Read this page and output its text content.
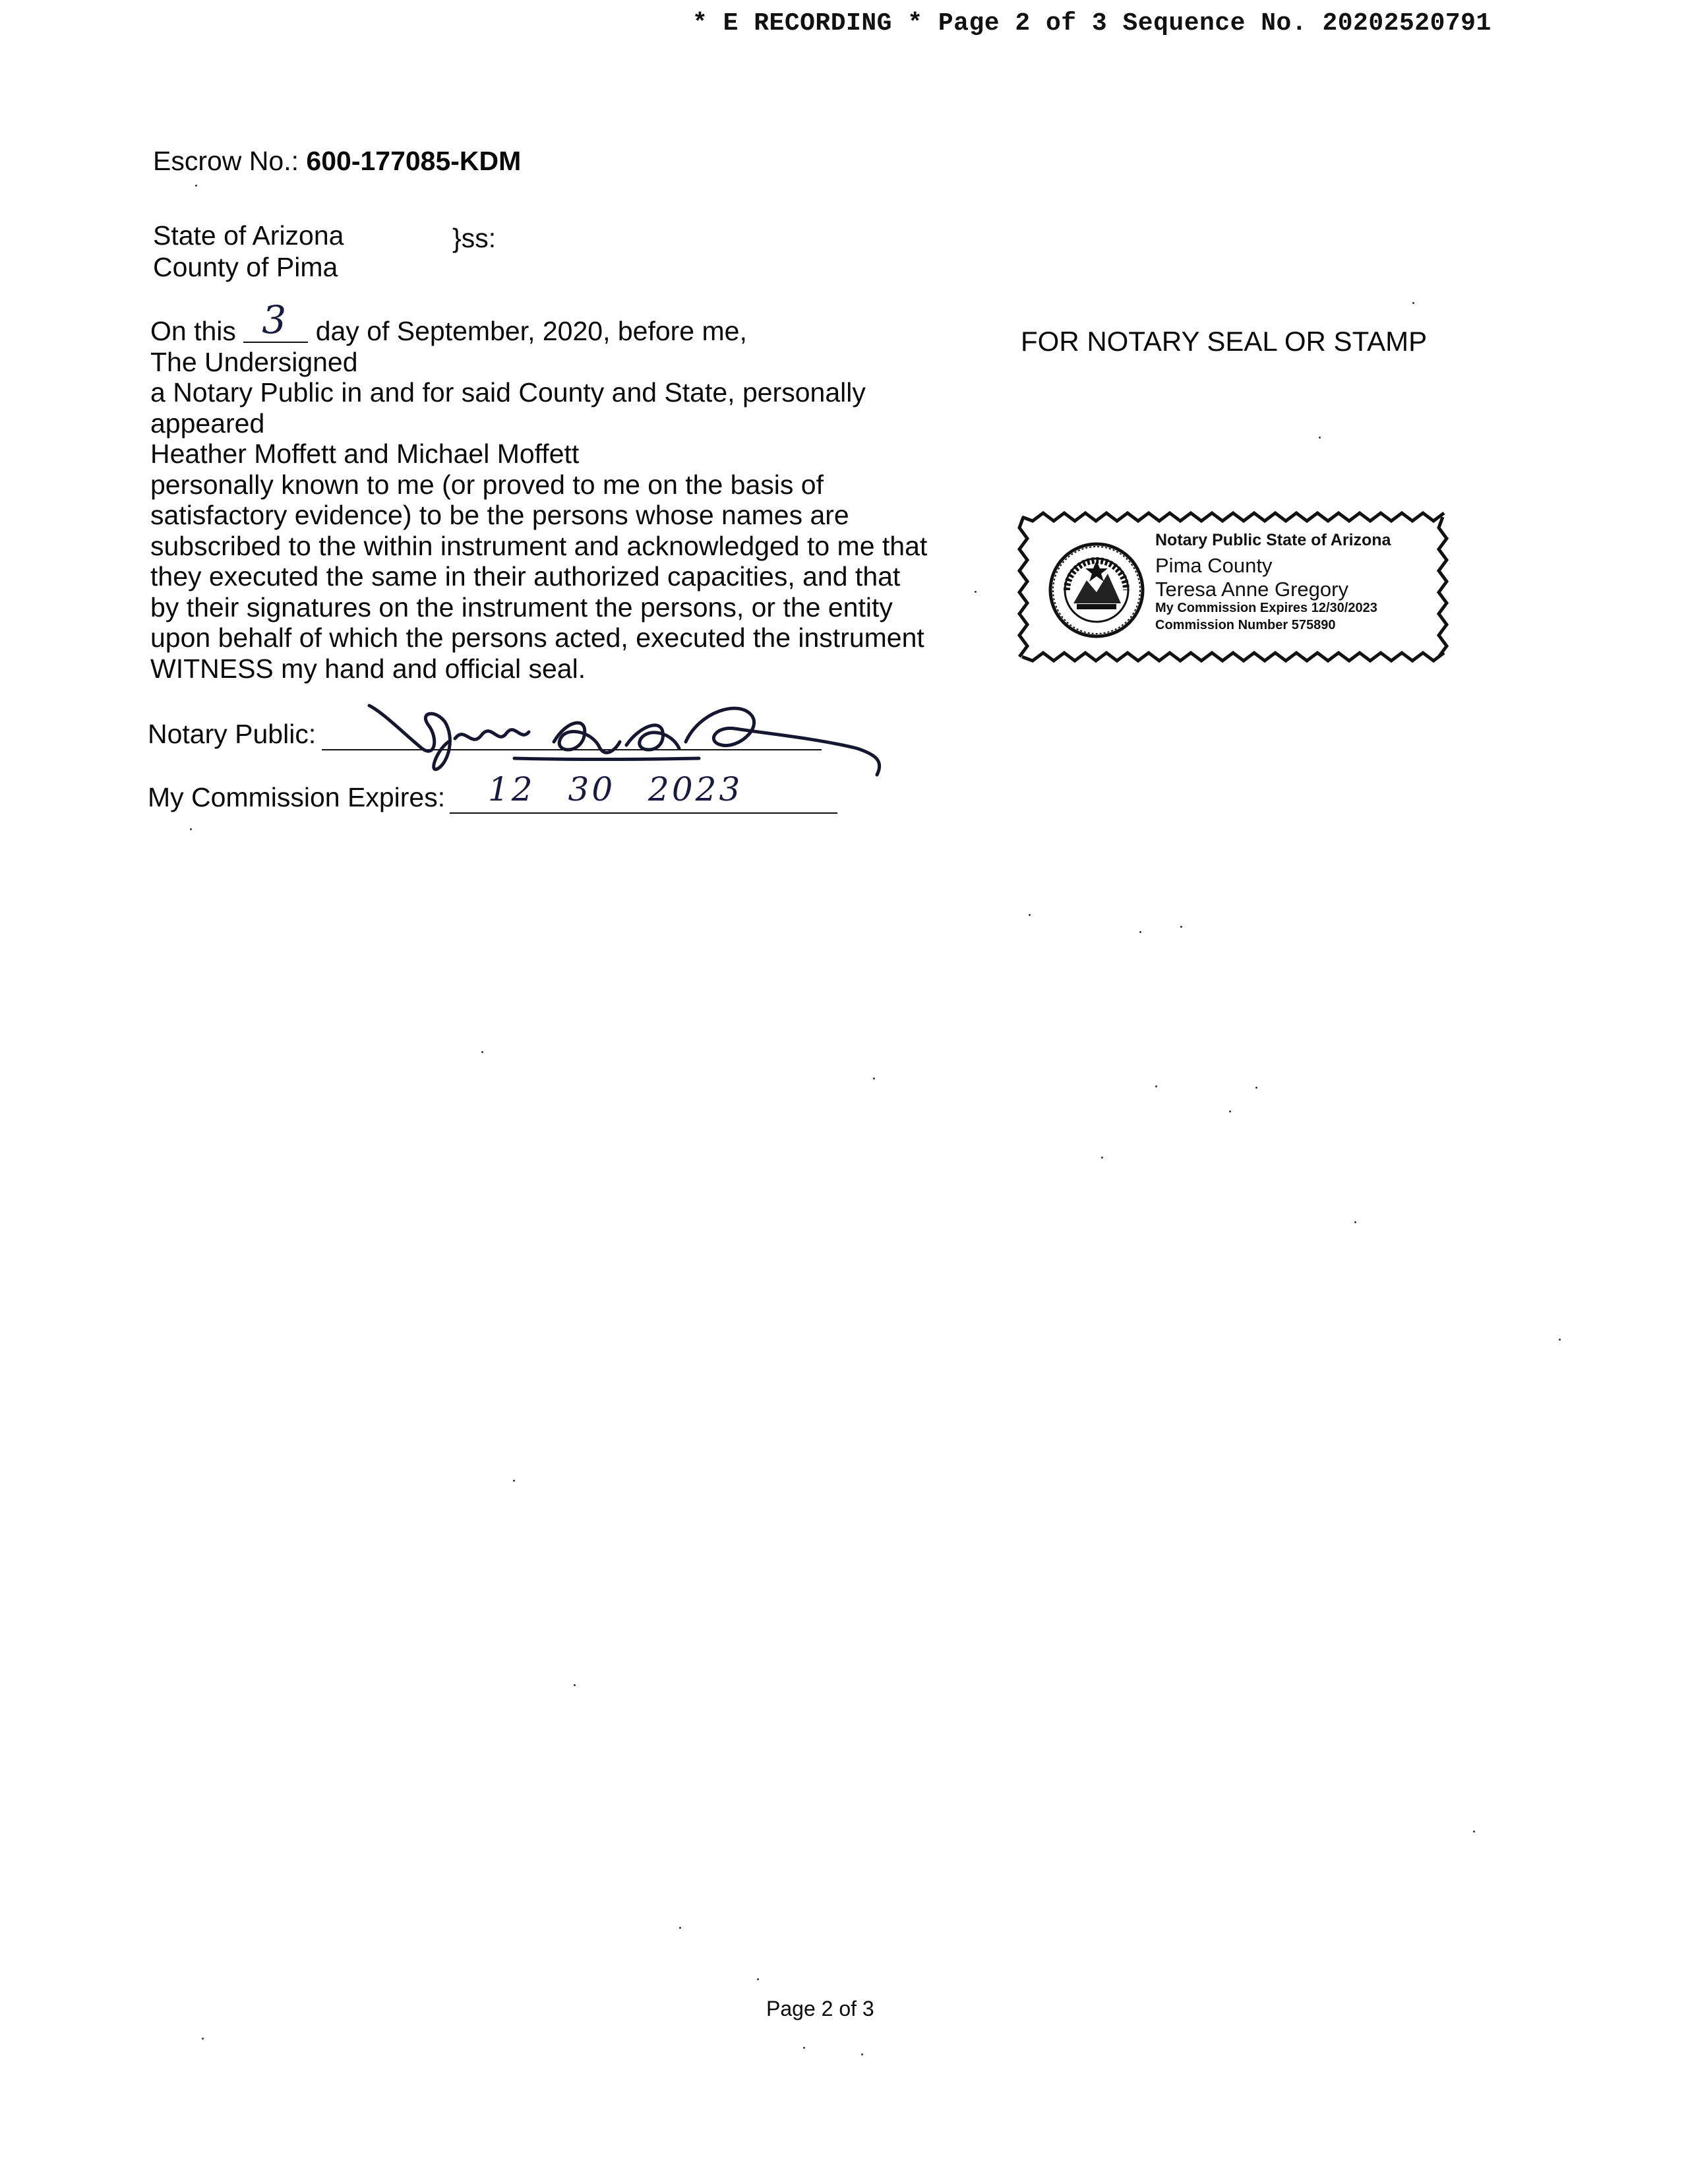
* E RECORDING * Page 2 of 3 Sequence No. 20202520791
Escrow No.: 600-177085-KDM
State of Arizona
County of Pima
}ss:
On this 3 day of September, 2020, before me,
The Undersigned
a Notary Public in and for said County and State, personally
appeared
Heather Moffett and Michael Moffett
personally known to me (or proved to me on the basis of
satisfactory evidence) to be the persons whose names are
subscribed to the within instrument and acknowledged to me that
they executed the same in their authorized capacities, and that
by their signatures on the instrument the persons, or the entity
upon behalf of which the persons acted, executed the instrument
WITNESS my hand and official seal.
FOR NOTARY SEAL OR STAMP
Notary Public State of Arizona
Pima County
Teresa Anne Gregory
My Commission Expires 12/30/2023
Commission Number 575890
Notary Public:
My Commission Expires: 12 30 2023
Page 2 of 3
